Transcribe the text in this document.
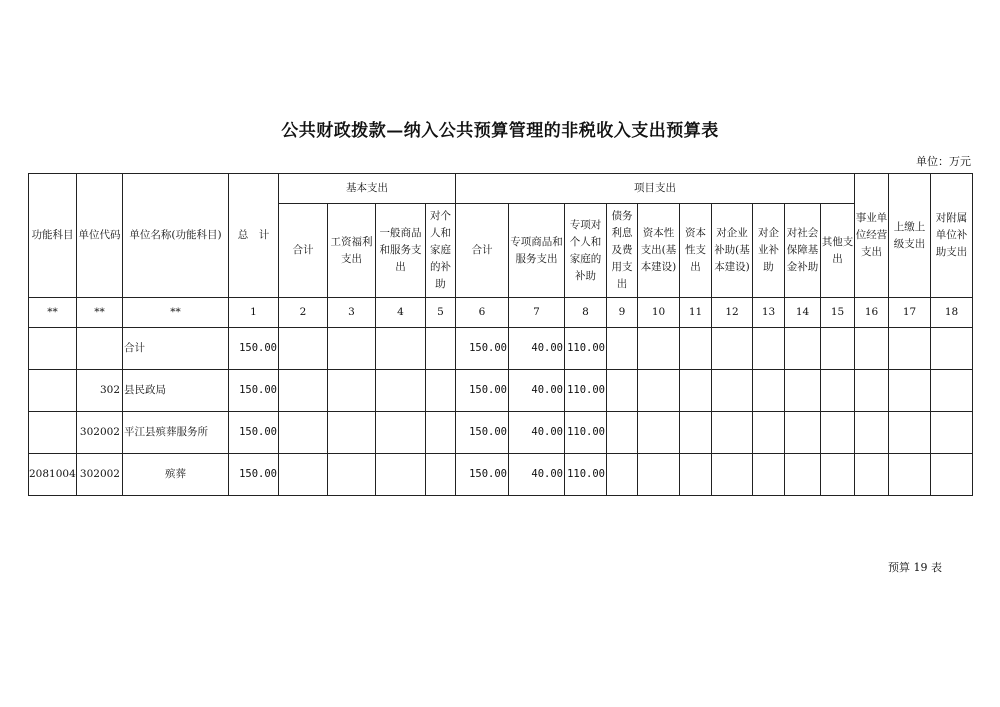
公共财政拨款—纳入公共预算管理的非税收入支出预算表
单位：万元
功能科目	单位代码	单位名称(功能科目)	总　计	基本支出				项目支出										事业单位经营支出	上缴上级支出	对附属单位补助支出
				合计	工资福利支出	一般商品和服务支出	对个人和家庭的补助	合计	专项商品和服务支出	专项对个人和家庭的补助	债务利息及费用支出	资本性支出(基本建设)	资本性支出	对企业补助(基本建设)	对企业补助	对社会保障基金补助	其他支出			
**	**	**	1	2	3	4	5	6	7	8	9	10	11	12	13	14	15	16	17	18
		合计	150.00					150.00	40.00	110.00										
	302	县民政局	150.00					150.00	40.00	110.00										
	302002	平江县殡葬服务所	150.00					150.00	40.00	110.00										
2081004	302002	殡葬	150.00					150.00	40.00	110.00										
预算 19 表
